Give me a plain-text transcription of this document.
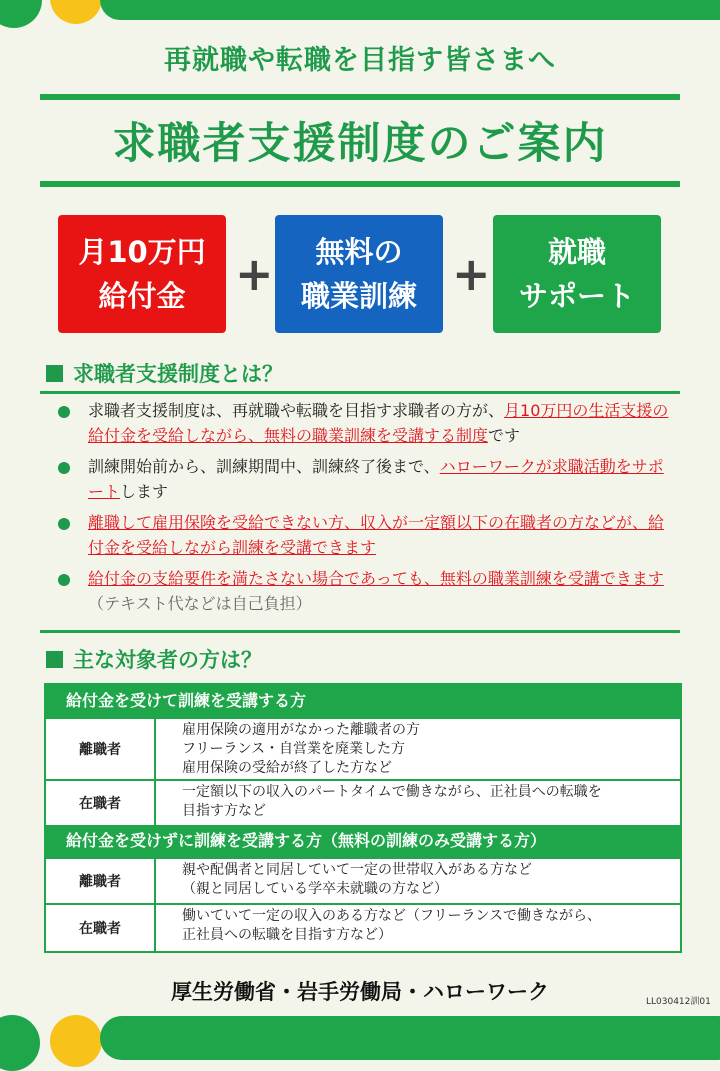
再就職や転職を目指す皆さまへ
求職者支援制度のご案内
月10万円
給付金 + 無料の
職業訓練 + 就職
サポート
求職者支援制度とは？
求職者支援制度は、再就職や転職を目指す求職者の方が、月10万円の生活支援の給付金を受給しながら、無料の職業訓練を受講する制度です
訓練開始前から、訓練期間中、訓練終了後まで、ハローワークが求職活動をサポートします
離職して雇用保険を受給できない方、収入が一定額以下の在職者の方などが、給付金を受給しながら訓練を受講できます
給付金の支給要件を満たさない場合であっても、無料の職業訓練を受講できます（テキスト代などは自己負担）
主な対象者の方は？
給付金を受けて訓練を受講する方
離職者
雇用保険の適用がなかった離職者の方
フリーランス・自営業を廃業した方
雇用保険の受給が終了した方など
在職者
一定額以下の収入のパートタイムで働きながら、正社員への転職を
目指す方など
給付金を受けずに訓練を受講する方（無料の訓練のみ受講する方）
離職者
親や配偶者と同居していて一定の世帯収入がある方など
（親と同居している学卒未就職の方など）
在職者
働いていて一定の収入のある方など（フリーランスで働きながら、
正社員への転職を目指す方など）
厚生労働省・岩手労働局・ハローワーク	LL030412訓01
